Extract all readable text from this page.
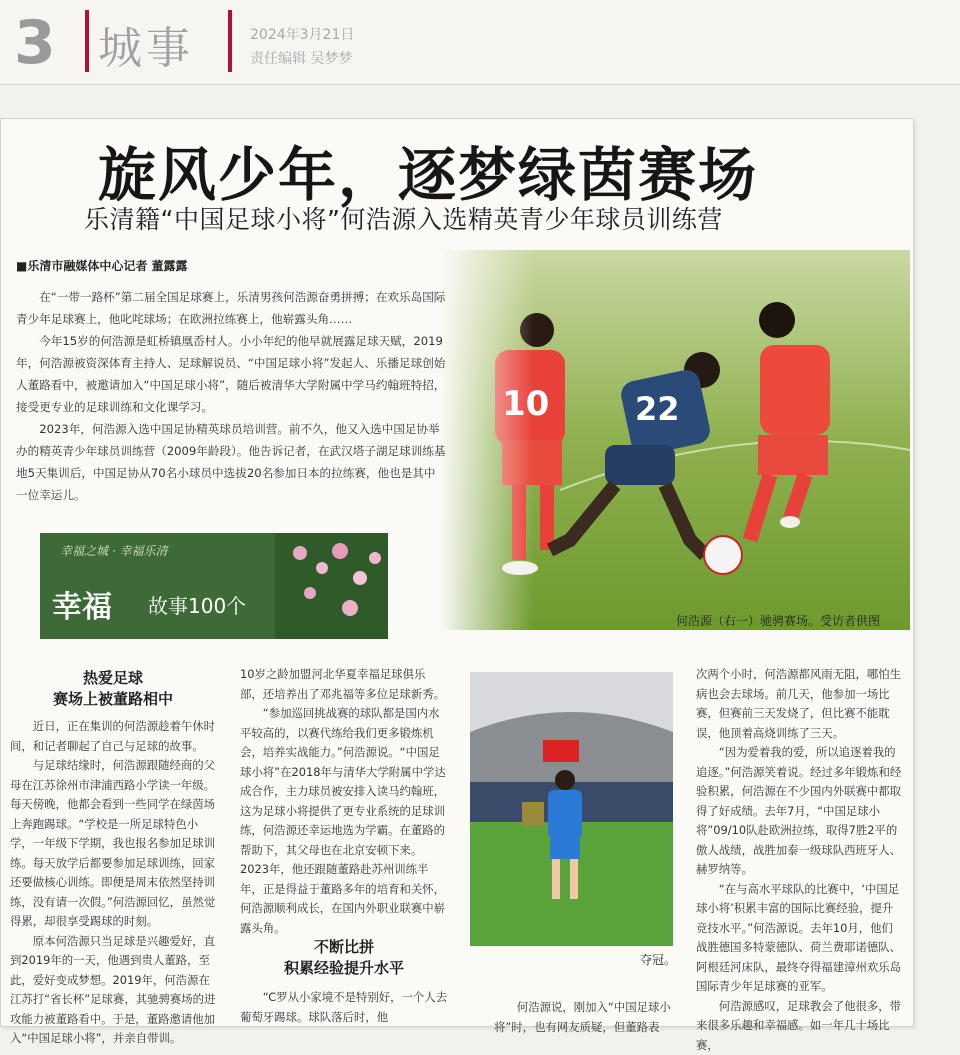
3 城事	2024年3月21日
责任编辑 吴梦梦
何浩源（右一）驰骋赛场。受访者供图
旋风少年，逐梦绿茵赛场
乐清籍“中国足球小将”何浩源入选精英青少年球员训练营
■乐清市融媒体中心记者 董露露

在“一带一路杯”第二届全国足球赛上，乐清男孩何浩源奋勇拼搏；在欢乐岛国际青少年足球赛上，他叱咤球场；在欧洲拉练赛上，他崭露头角……

今年15岁的何浩源是虹桥镇凰岙村人。小小年纪的他早就展露足球天赋，2019年，何浩源被资深体育主持人、足球解说员、“中国足球小将”发起人、乐播足球创始人董路看中，被邀请加入“中国足球小将”，随后被清华大学附属中学马约翰班特招，接受更专业的足球训练和文化课学习。

2023年，何浩源入选中国足协精英球员培训营。前不久，他又入选中国足协举办的精英青少年球员训练营（2009年龄段）。他告诉记者，在武汉塔子湖足球训练基地5天集训后，中国足协从70名小球员中选拔20名参加日本的拉练赛，他也是其中一位幸运儿。

幸福之城 · 幸福乐清
幸福 故事100个
热爱足球
赛场上被董路相中

近日，正在集训的何浩源趁着午休时间，和记者聊起了自己与足球的故事。

与足球结缘时，何浩源跟随经商的父母在江苏徐州市津浦西路小学读一年级。每天傍晚，他都会看到一些同学在绿茵场上奔跑踢球。“学校是一所足球特色小学，一年级下学期，我也报名参加足球训练。每天放学后都要参加足球训练，回家还要做核心训练。即便是周末依然坚持训练，没有请一次假。”何浩源回忆，虽然觉得累，却很享受踢球的时刻。

原本何浩源只当足球是兴趣爱好，直到2019年的一天，他遇到贵人董路，至此，爱好变成梦想。2019年，何浩源在江苏打“省长杯”足球赛，其驰骋赛场的进攻能力被董路看中。于是，董路邀请他加入“中国足球小将”，并亲自带训。

10岁之龄加盟河北华夏幸福足球俱乐部，还培养出了邓兆福等多位足球新秀。

“参加巡回挑战赛的球队都是国内水平较高的，以赛代练给我们更多锻炼机会，培养实战能力。”何浩源说。“中国足球小将”在2018年与清华大学附属中学达成合作，主力球员被安排入读马约翰班，这为足球小将提供了更专业系统的足球训练，何浩源还幸运地选为学霸。在董路的帮助下，其父母也在北京安顿下来。2023年，他还跟随董路赴苏州训练半年，正是得益于董路多年的培育和关怀，何浩源顺利成长，在国内外职业联赛中崭露头角。

不断比拼
积累经验提升水平

“C罗从小家境不是特别好，一个人去葡萄牙踢球。球队落后时，他

夺冠。

何浩源说，刚加入“中国足球小将”时，也有网友质疑，但董路表

次两个小时，何浩源都风雨无阻，哪怕生病也会去球场。前几天，他参加一场比赛，但赛前三天发烧了，但比赛不能耽误，他顶着高烧训练了三天。

“因为爱着我的爱，所以追逐着我的追逐。”何浩源笑着说。经过多年锻炼和经验积累，何浩源在不少国内外联赛中都取得了好成绩。去年7月，“中国足球小将”09/10队赴欧洲拉练，取得7胜2平的傲人战绩，战胜加泰一级球队西班牙人、赫罗纳等。

“在与高水平球队的比赛中，‘中国足球小将’积累丰富的国际比赛经验，提升竞技水平。”何浩源说。去年10月，他们战胜德国多特蒙德队、荷兰费耶诺德队、阿根廷河床队，最终夺得福建漳州欢乐岛国际青少年足球赛的亚军。

何浩源感叹，足球教会了他很多，带来很多乐趣和幸福感。如一年几十场比赛，
